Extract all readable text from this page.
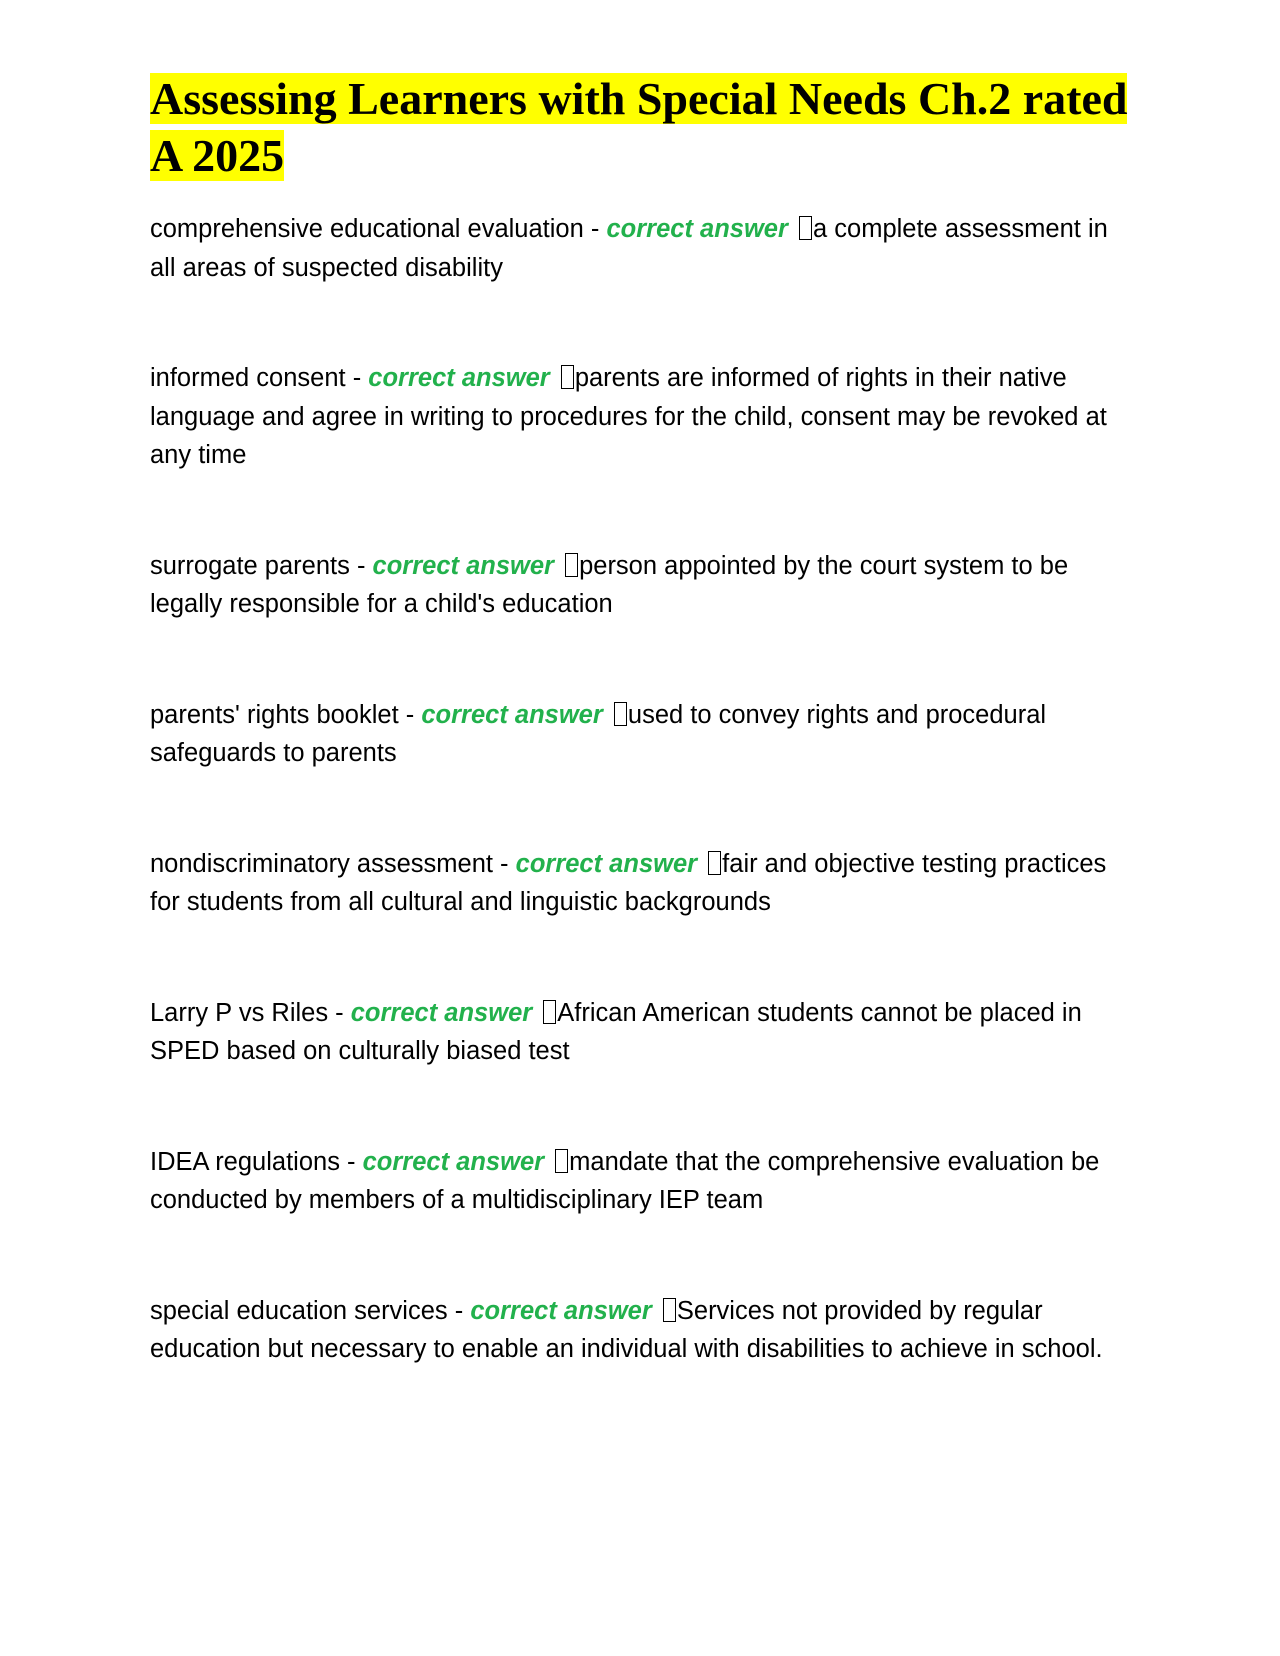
Assessing Learners with Special Needs Ch.2 rated A 2025
comprehensive educational evaluation - correct answer a complete assessment in all areas of suspected disability
informed consent - correct answer parents are informed of rights in their native language and agree in writing to procedures for the child, consent may be revoked at any time
surrogate parents - correct answer person appointed by the court system to be legally responsible for a child's education
parents' rights booklet - correct answer used to convey rights and procedural safeguards to parents
nondiscriminatory assessment - correct answer fair and objective testing practices for students from all cultural and linguistic backgrounds
Larry P vs Riles - correct answer African American students cannot be placed in SPED based on culturally biased test
IDEA regulations - correct answer mandate that the comprehensive evaluation be conducted by members of a multidisciplinary IEP team
special education services - correct answer Services not provided by regular education but necessary to enable an individual with disabilities to achieve in school.
